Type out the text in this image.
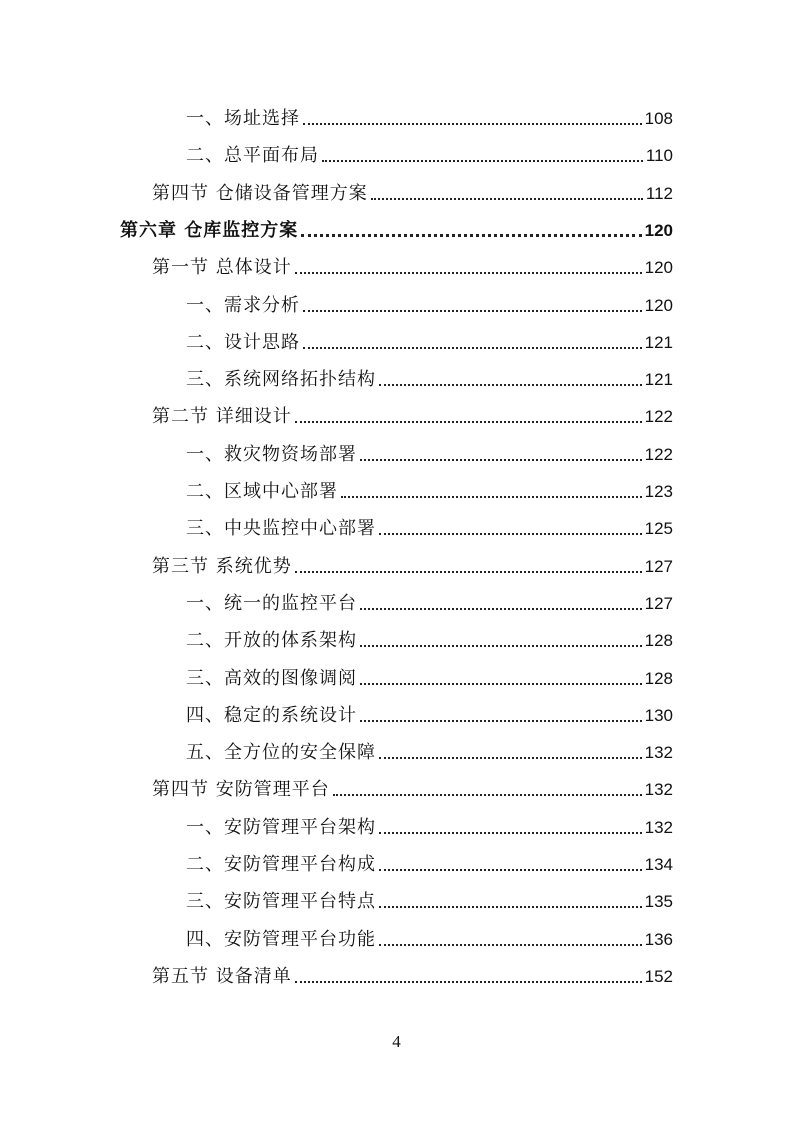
一、场址选择	108
二、总平面布局	110
第四节 仓储设备管理方案	112
第六章 仓库监控方案	120
第一节 总体设计	120
一、需求分析	120
二、设计思路	121
三、系统网络拓扑结构	121
第二节 详细设计	122
一、救灾物资场部署	122
二、区域中心部署	123
三、中央监控中心部署	125
第三节 系统优势	127
一、统一的监控平台	127
二、开放的体系架构	128
三、高效的图像调阅	128
四、稳定的系统设计	130
五、全方位的安全保障	132
第四节 安防管理平台	132
一、安防管理平台架构	132
二、安防管理平台构成	134
三、安防管理平台特点	135
四、安防管理平台功能	136
第五节 设备清单	152
4
